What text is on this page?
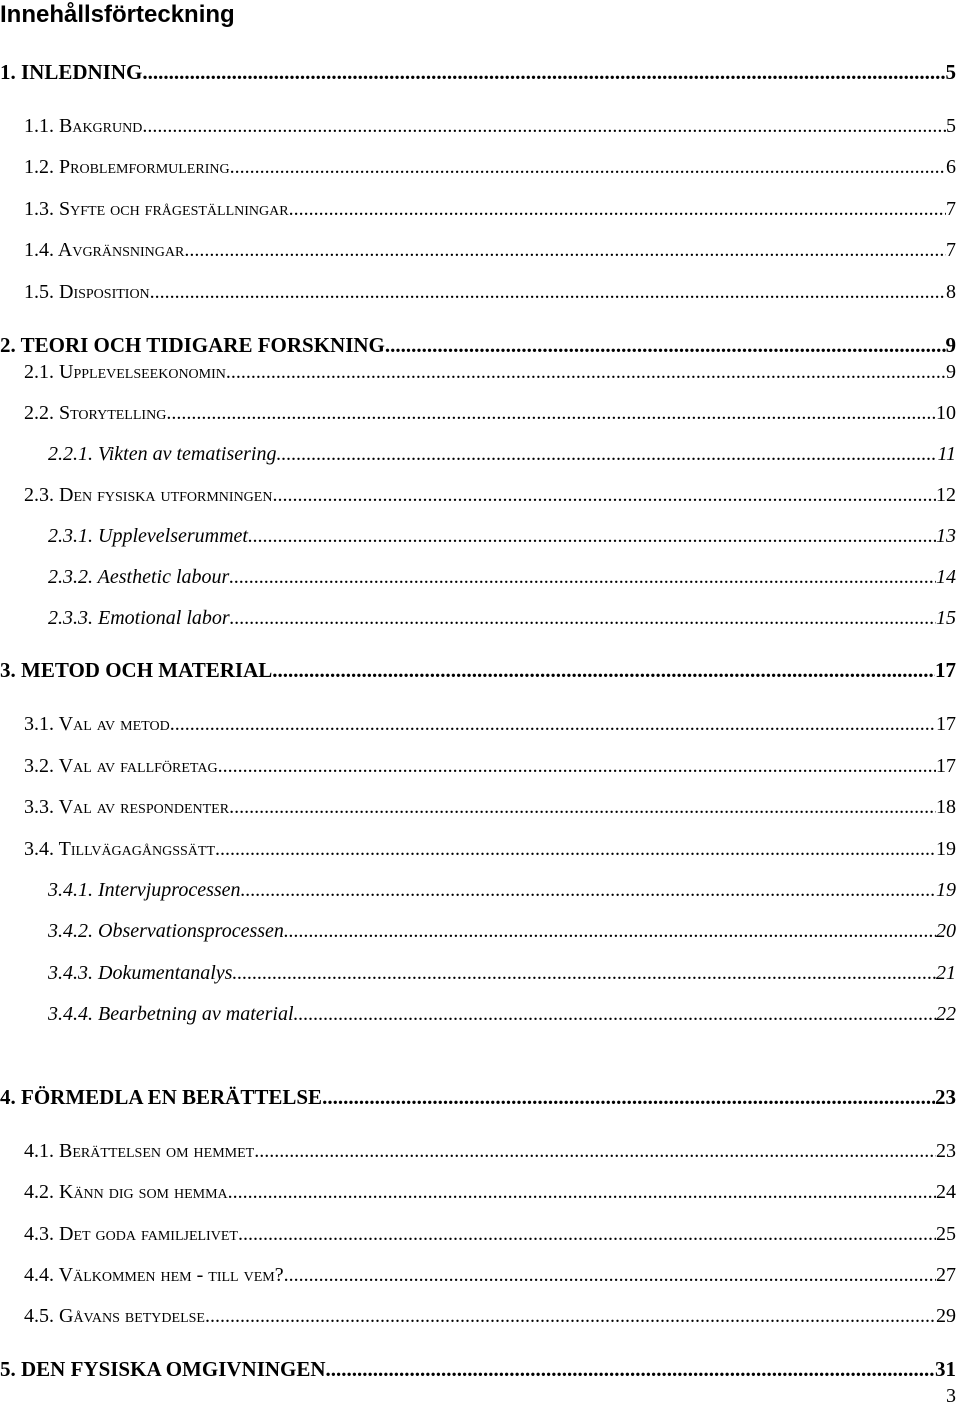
Innehållsförteckning
1. INLEDNING .....	5
1.1. Bakgrund .....	5
1.2. Problemformulering .....	6
1.3. Syfte och frågeställningar .....	7
1.4. Avgränsningar .....	7
1.5. Disposition .....	8
2. TEORI OCH TIDIGARE FORSKNING .....	9
2.1. Upplevelseekonomin .....	9
2.2. Storytelling .....	10
2.2.1. Vikten av tematisering .....	11
2.3. Den fysiska utformningen .....	12
2.3.1. Upplevelserummet .....	13
2.3.2. Aesthetic labour .....	14
2.3.3. Emotional labor .....	15
3. METOD OCH MATERIAL .....	17
3.1. Val av metod .....	17
3.2. Val av fallföretag .....	17
3.3. Val av respondenter .....	18
3.4. Tillvägagångssätt .....	19
3.4.1. Intervjuprocessen .....	19
3.4.2. Observationsprocessen .....	20
3.4.3. Dokumentanalys .....	21
3.4.4. Bearbetning av material .....	22
4. FÖRMEDLA EN BERÄTTELSE .....	23
4.1. Berättelsen om hemmet .....	23
4.2. Känn dig som hemma .....	24
4.3. Det goda familjelivet .....	25
4.4. Välkommen hem - till vem? .....	27
4.5. Gåvans betydelse .....	29
5. DEN FYSISKA OMGIVNINGEN .....	31
3
